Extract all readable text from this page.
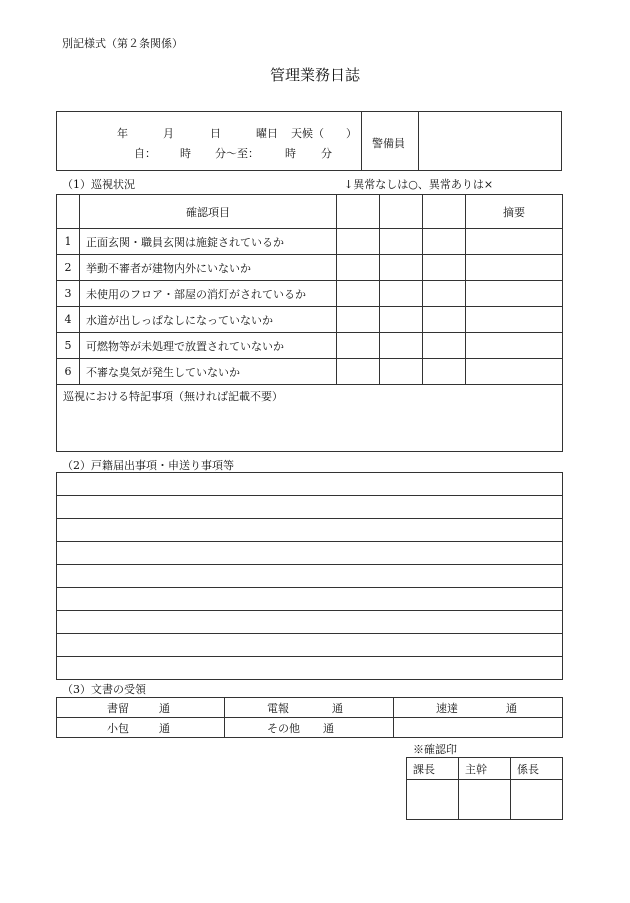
別記様式（第２条関係）
管理業務日誌
年	月	日	曜日 天候（　　）
自： 時 分～至： 時 分
警備員
（1）巡視状況	↓異常なしは○、異常ありは×
	確認項目				摘要
1	正面玄関・職員玄関は施錠されているか				
2	挙動不審者が建物内外にいないか				
3	未使用のフロア・部屋の消灯がされているか				
4	水道が出しっぱなしになっていないか				
5	可燃物等が未処理で放置されていないか				
6	不審な臭気が発生していないか				
巡視における特記事項（無ければ記載不要）					
（2）戸籍届出事項・申送り事項等

（3）文書の受領
書留 通	電報 通	速達 通
小包 通	その他 通	
※確認印
課長	主幹	係長
